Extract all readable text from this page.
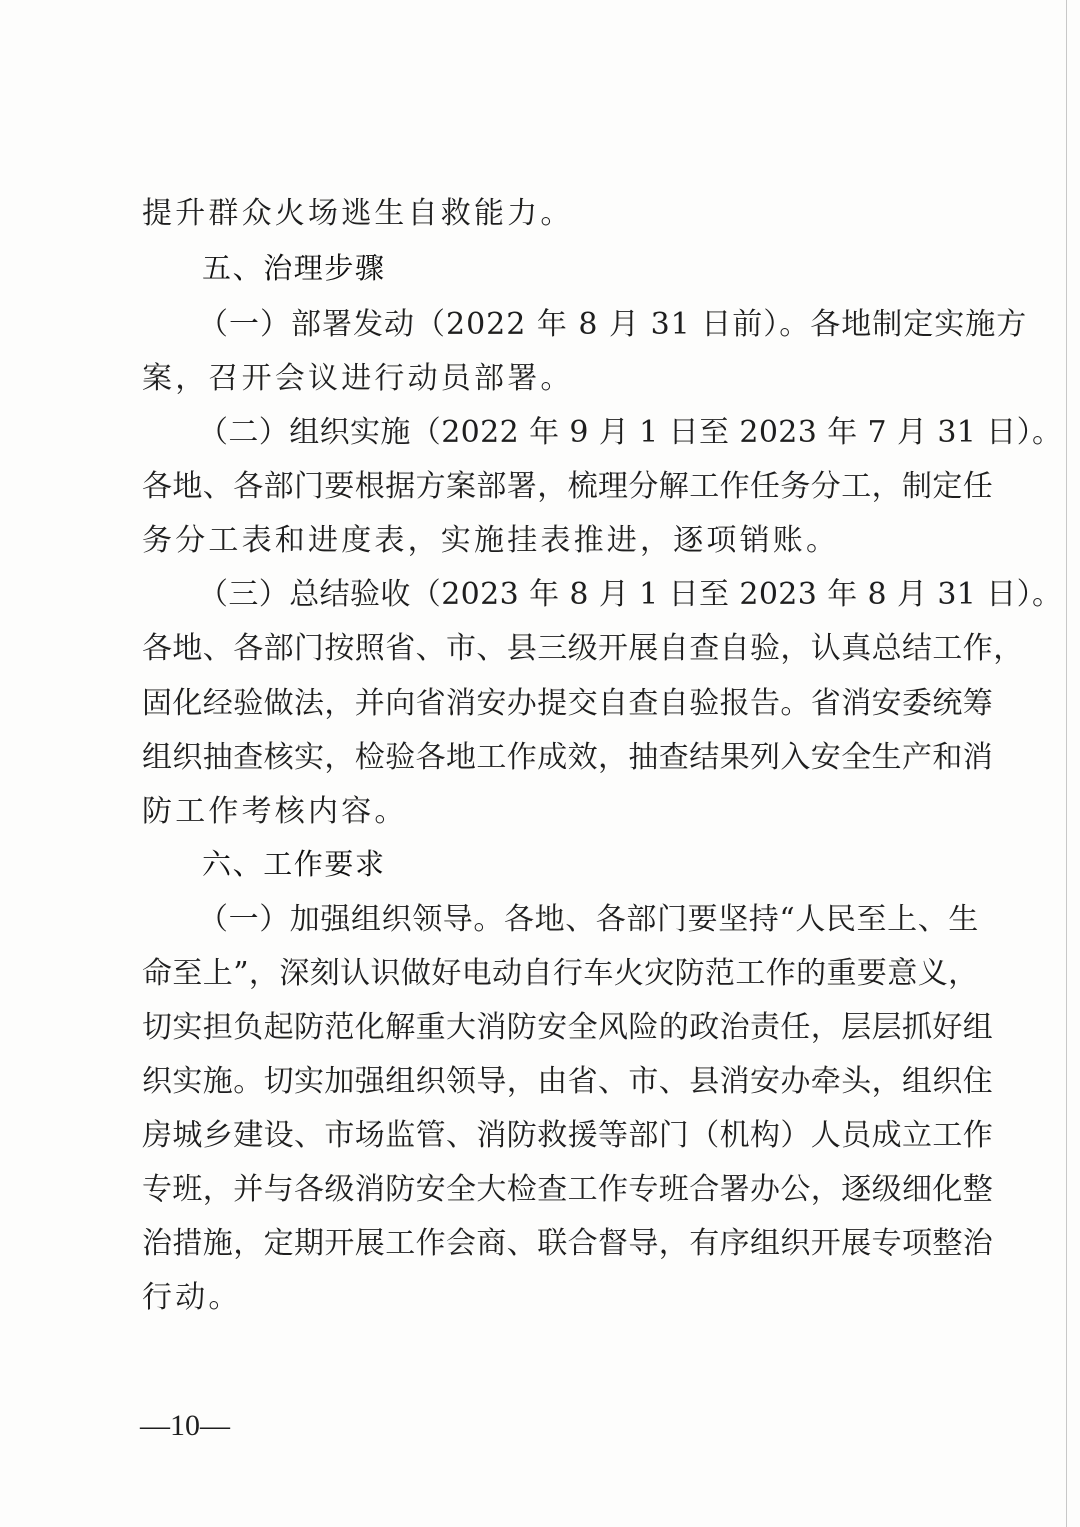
提升群众火场逃生自救能力。
五、治理步骤
（一）部署发动（2022 年 8 月 31 日前）。各地制定实施方
案，召开会议进行动员部署。
（二）组织实施（2022 年 9 月 1 日至 2023 年 7 月 31 日）。
各地、各部门要根据方案部署，梳理分解工作任务分工，制定任
务分工表和进度表，实施挂表推进，逐项销账。
（三）总结验收（2023 年 8 月 1 日至 2023 年 8 月 31 日）。
各地、各部门按照省、市、县三级开展自查自验，认真总结工作，
固化经验做法，并向省消安办提交自查自验报告。省消安委统筹
组织抽查核实，检验各地工作成效，抽查结果列入安全生产和消
防工作考核内容。
六、工作要求
（一）加强组织领导。各地、各部门要坚持“人民至上、生
命至上”，深刻认识做好电动自行车火灾防范工作的重要意义，
切实担负起防范化解重大消防安全风险的政治责任，层层抓好组
织实施。切实加强组织领导，由省、市、县消安办牵头，组织住
房城乡建设、市场监管、消防救援等部门（机构）人员成立工作
专班，并与各级消防安全大检查工作专班合署办公，逐级细化整
治措施，定期开展工作会商、联合督导，有序组织开展专项整治
行动。
—10—
